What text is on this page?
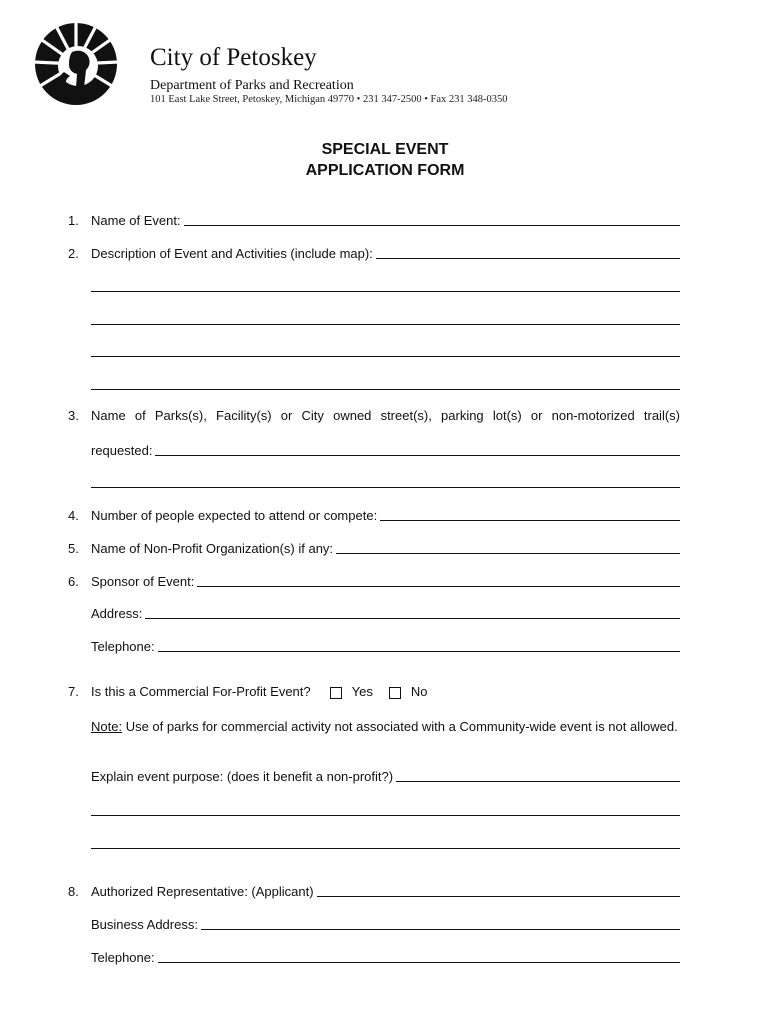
City of Petoskey
Department of Parks and Recreation
101 East Lake Street, Petoskey, Michigan 49770 • 231 347-2500 • Fax 231 348-0350
SPECIAL EVENT
APPLICATION FORM
1. Name of Event:
2. Description of Event and Activities (include map):
3. Name of Parks(s), Facility(s) or City owned street(s), parking lot(s) or non-motorized trail(s)
requested:
4. Number of people expected to attend or compete:
5. Name of Non-Profit Organization(s) if any:
6. Sponsor of Event:
Address:
Telephone:
7. Is this a Commercial For-Profit Event?	Yes	No
Note: Use of parks for commercial activity not associated with a Community-wide event is not allowed.
Explain event purpose: (does it benefit a non-profit?)
8. Authorized Representative: (Applicant)
Business Address:
Telephone:
